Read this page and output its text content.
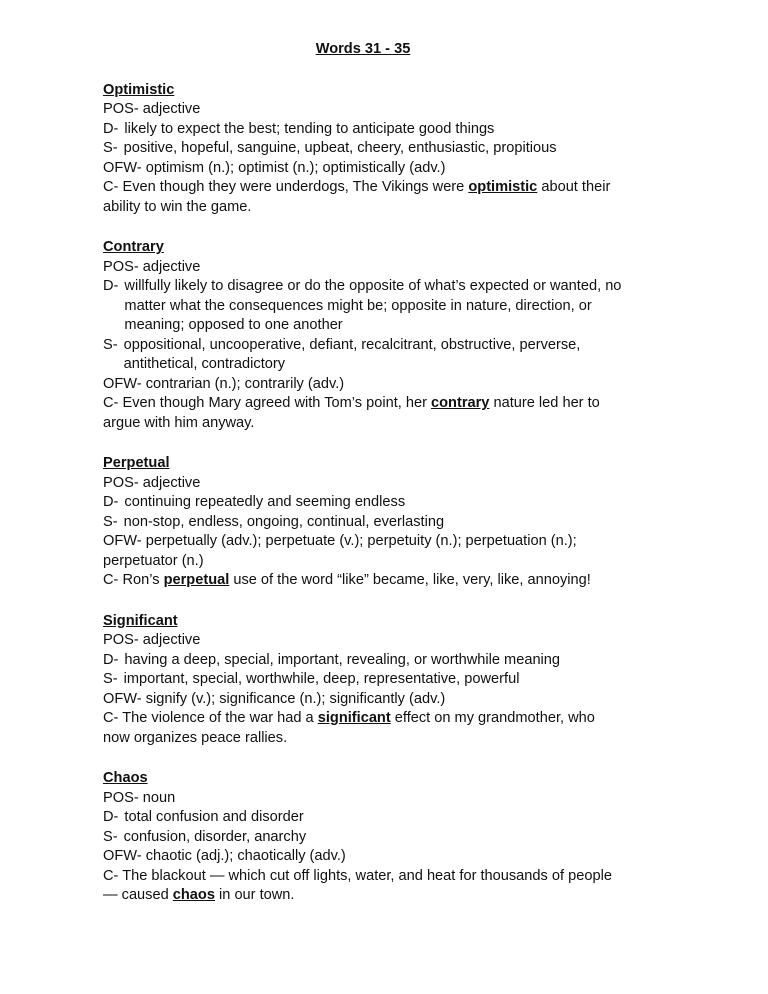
Words 31 - 35
Optimistic
POS- adjective
D- likely to expect the best; tending to anticipate good things
S- positive, hopeful, sanguine, upbeat, cheery, enthusiastic, propitious
OFW- optimism (n.); optimist (n.); optimistically (adv.)
C- Even though they were underdogs, The Vikings were optimistic about their ability to win the game.
Contrary
POS- adjective
D- willfully likely to disagree or do the opposite of what’s expected or wanted, no matter what the consequences might be; opposite in nature, direction, or meaning; opposed to one another
S- oppositional, uncooperative, defiant, recalcitrant, obstructive, perverse, antithetical, contradictory
OFW- contrarian (n.); contrarily (adv.)
C- Even though Mary agreed with Tom’s point, her contrary nature led her to argue with him anyway.
Perpetual
POS- adjective
D- continuing repeatedly and seeming endless
S- non-stop, endless, ongoing, continual, everlasting
OFW- perpetually (adv.); perpetuate (v.); perpetuity (n.); perpetuation (n.); perpetuator (n.)
C- Ron’s perpetual use of the word “like” became, like, very, like, annoying!
Significant
POS- adjective
D- having a deep, special, important, revealing, or worthwhile meaning
S- important, special, worthwhile, deep, representative, powerful
OFW- signify (v.); significance (n.); significantly (adv.)
C- The violence of the war had a significant effect on my grandmother, who now organizes peace rallies.
Chaos
POS- noun
D- total confusion and disorder
S- confusion, disorder, anarchy
OFW- chaotic (adj.); chaotically (adv.)
C- The blackout — which cut off lights, water, and heat for thousands of people — caused chaos in our town.
